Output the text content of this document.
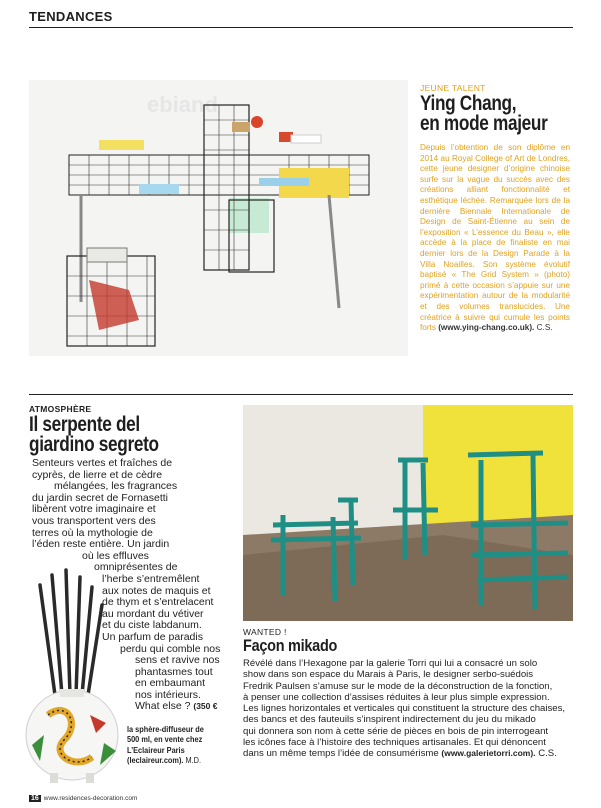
TENDANCES
ebiand
JEUNE TALENT
Ying Chang,
en mode majeur
Depuis l’obtention de son diplôme en 2014 au Royal College of Art de Londres, cette jeune designer d’origine chinoise surfe sur la vague du succès avec des créations alliant fonctionnalité et esthétique léchée. Remarquée lors de la dernière Biennale Internationale de Design de Saint-Étienne au sein de l’exposition « L’essence du Beau », elle accède à la place de finaliste en mai dernier lors de la Design Parade à la Villa Noailles. Son système évolutif baptisé « The Grid System » (photo) primé à cette occasion s’appuie sur une expérimentation autour de la modularité et des volumes translucides. Une créatrice à suivre qui cumule les points forts (www.ying-chang.co.uk). C.S.
ATMOSPHÈRE
Il serpente del
giardino segreto
Senteurs vertes et fraîches de
cyprès, de lierre et de cèdre
mélangées, les fragrances
du jardin secret de Fornasetti
libèrent votre imaginaire et
vous transportent vers des
terres où la mythologie de
l’éden reste entière. Un jardin
où les effluves
omniprésentes de
l’herbe s’entremêlent
aux notes de maquis et
de thym et s’entrelacent
au mordant du vétiver
et du ciste labdanum.
Un parfum de paradis
perdu qui comble nos
sens et ravive nos
phantasmes tout
en embaumant
nos intérieurs.
What else ? (350 €
la sphère-diffuseur de
500 ml, en vente chez
L’Eclaireur Paris
(leclaireur.com). M.D.
WANTED !
Façon mikado
Révélé dans l’Hexagone par la galerie Torri qui lui a consacré un solo
show dans son espace du Marais à Paris, le designer serbo-suédois
Fredrik Paulsen s’amuse sur le mode de la déconstruction de la fonction,
à penser une collection d’assises réduites à leur plus simple expression.
Les lignes horizontales et verticales qui constituent la structure des chaises,
des bancs et des fauteuils s’inspirent indirectement du jeu du mikado
qui donnera son nom à cette série de pièces en bois de pin interrogeant
les icônes face à l’histoire des techniques artisanales. Et qui dénoncent
dans un même temps l’idée de consumérisme (www.galerietorri.com). C.S.
16 www.residences-decoration.com
